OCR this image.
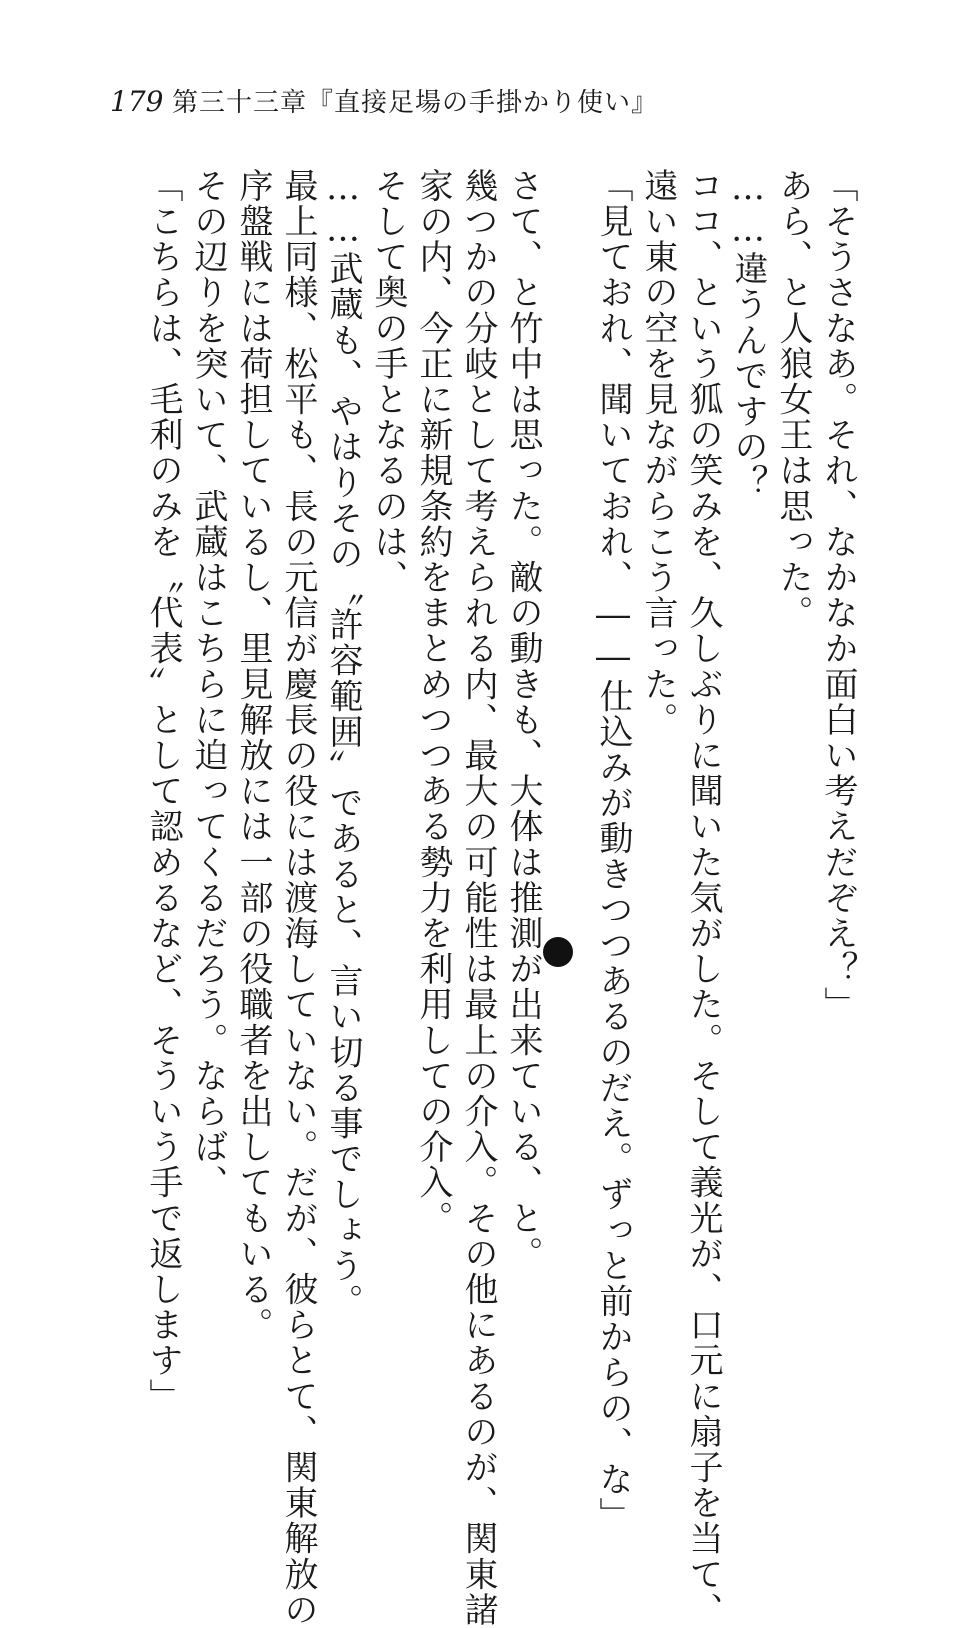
179 第三十三章『直接足場の手掛かり使い』
「そうさなあ。それ、なかなか面白い考えだぞえ？」
あら、と人狼女王は思った。
……違うんですの？
ココ、という狐の笑みを、久しぶりに聞いた気がした。そして義光が、口元に扇子を当て、
遠い東の空を見ながらこう言った。
「見ておれ、聞いておれ、――仕込みが動きつつあるのだえ。ずっと前からの、な」
さて、と竹中は思った。敵の動きも、大体は推測が出来ている、と。
幾つかの分岐として考えられる内、最大の可能性は最上の介入。その他にあるのが、関東諸
家の内、今正に新規条約をまとめつつある勢力を利用しての介入。
そして奥の手となるのは、
……武蔵も、やはりその〝許容範囲〟であると、言い切る事でしょう。
最上同様、松平も、長の元信が慶長の役には渡海していない。だが、彼らとて、関東解放の
序盤戦には荷担しているし、里見解放には一部の役職者を出してもいる。
その辺りを突いて、武蔵はこちらに迫ってくるだろう。ならば、
「こちらは、毛利のみを〝代表〟として認めるなど、そういう手で返します」
